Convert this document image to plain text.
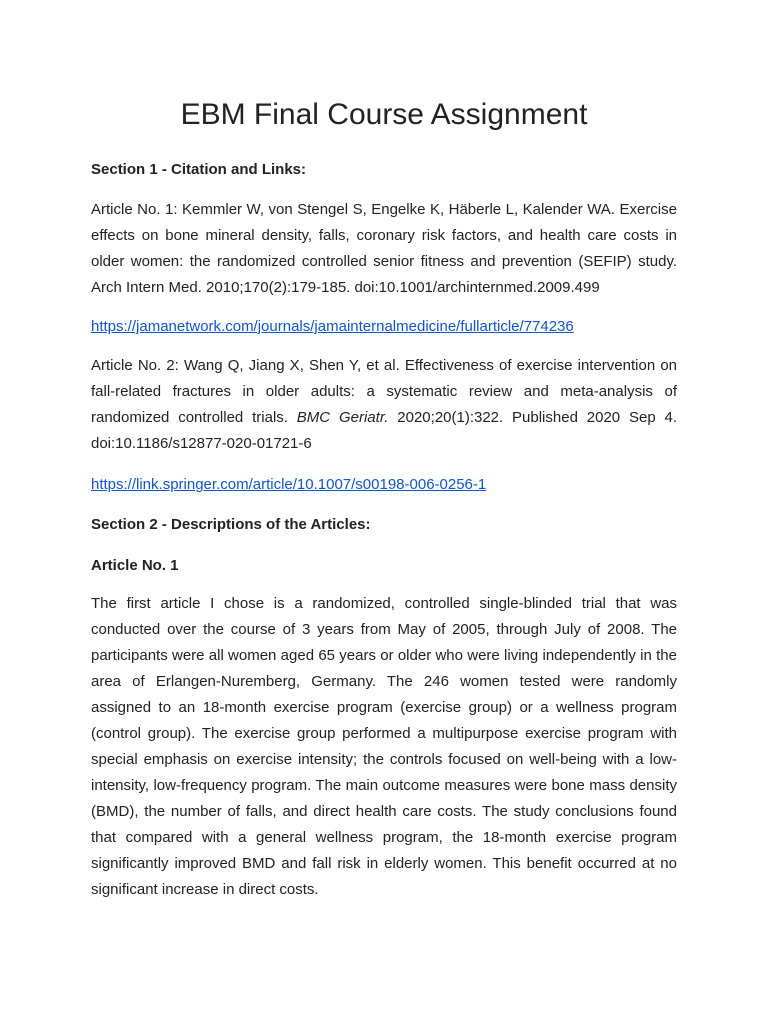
EBM Final Course Assignment
Section 1 - Citation and Links:

Article No. 1: Kemmler W, von Stengel S, Engelke K, Häberle L, Kalender WA. Exercise effects on bone mineral density, falls, coronary risk factors, and health care costs in older women: the randomized controlled senior fitness and prevention (SEFIP) study. Arch Intern Med. 2010;170(2):179-185. doi:10.1001/archinternmed.2009.499

https://jamanetwork.com/journals/jamainternalmedicine/fullarticle/774236

Article No. 2: Wang Q, Jiang X, Shen Y, et al. Effectiveness of exercise intervention on fall-related fractures in older adults: a systematic review and meta-analysis of randomized controlled trials. BMC Geriatr. 2020;20(1):322. Published 2020 Sep 4. doi:10.1186/s12877-020-01721-6

https://link.springer.com/article/10.1007/s00198-006-0256-1
Section 2 - Descriptions of the Articles:
Article No. 1

The first article I chose is a randomized, controlled single-blinded trial that was conducted over the course of 3 years from May of 2005, through July of 2008. The participants were all women aged 65 years or older who were living independently in the area of Erlangen-Nuremberg, Germany. The 246 women tested were randomly assigned to an 18-month exercise program (exercise group) or a wellness program (control group). The exercise group performed a multipurpose exercise program with special emphasis on exercise intensity; the controls focused on well-being with a low-intensity, low-frequency program. The main outcome measures were bone mass density (BMD), the number of falls, and direct health care costs. The study conclusions found that compared with a general wellness program, the 18-month exercise program significantly improved BMD and fall risk in elderly women. This benefit occurred at no significant increase in direct costs.
